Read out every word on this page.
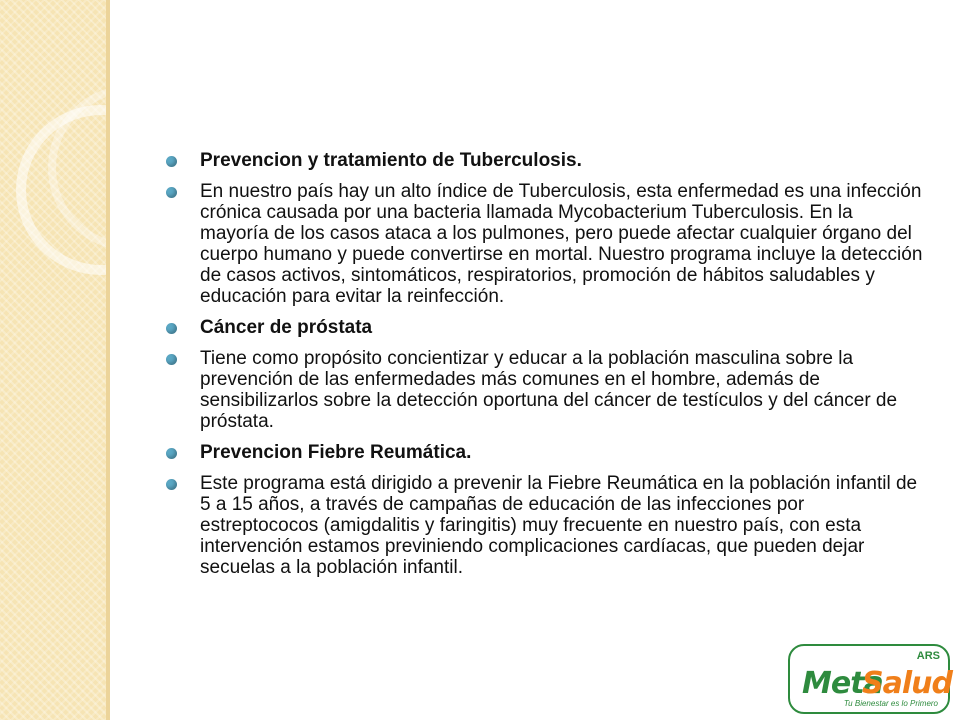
Prevencion y tratamiento de Tuberculosis.
En nuestro país hay un alto índice de Tuberculosis, esta enfermedad es una infección crónica causada por una bacteria llamada Mycobacterium Tuberculosis. En la mayoría de los casos ataca a los pulmones, pero puede afectar cualquier órgano del cuerpo humano y puede convertirse en mortal. Nuestro programa incluye la detección de casos activos, sintomáticos, respiratorios, promoción de hábitos saludables y educación para evitar la reinfección.
Cáncer de próstata
Tiene como propósito concientizar y educar a la población masculina sobre la prevención de las enfermedades más comunes en el hombre, además de sensibilizarlos sobre la detección oportuna del cáncer de testículos y del cáncer de próstata.
Prevencion Fiebre Reumática.
Este programa está dirigido a prevenir la Fiebre Reumática en la población infantil de 5 a 15 años, a través de campañas de educación de las infecciones por estreptococos (amigdalitis y faringitis) muy frecuente en nuestro país, con esta intervención estamos previniendo complicaciones cardíacas, que pueden dejar secuelas a la población infantil.
ARS
Meta
Salud
Tu Bienestar es lo Primero
